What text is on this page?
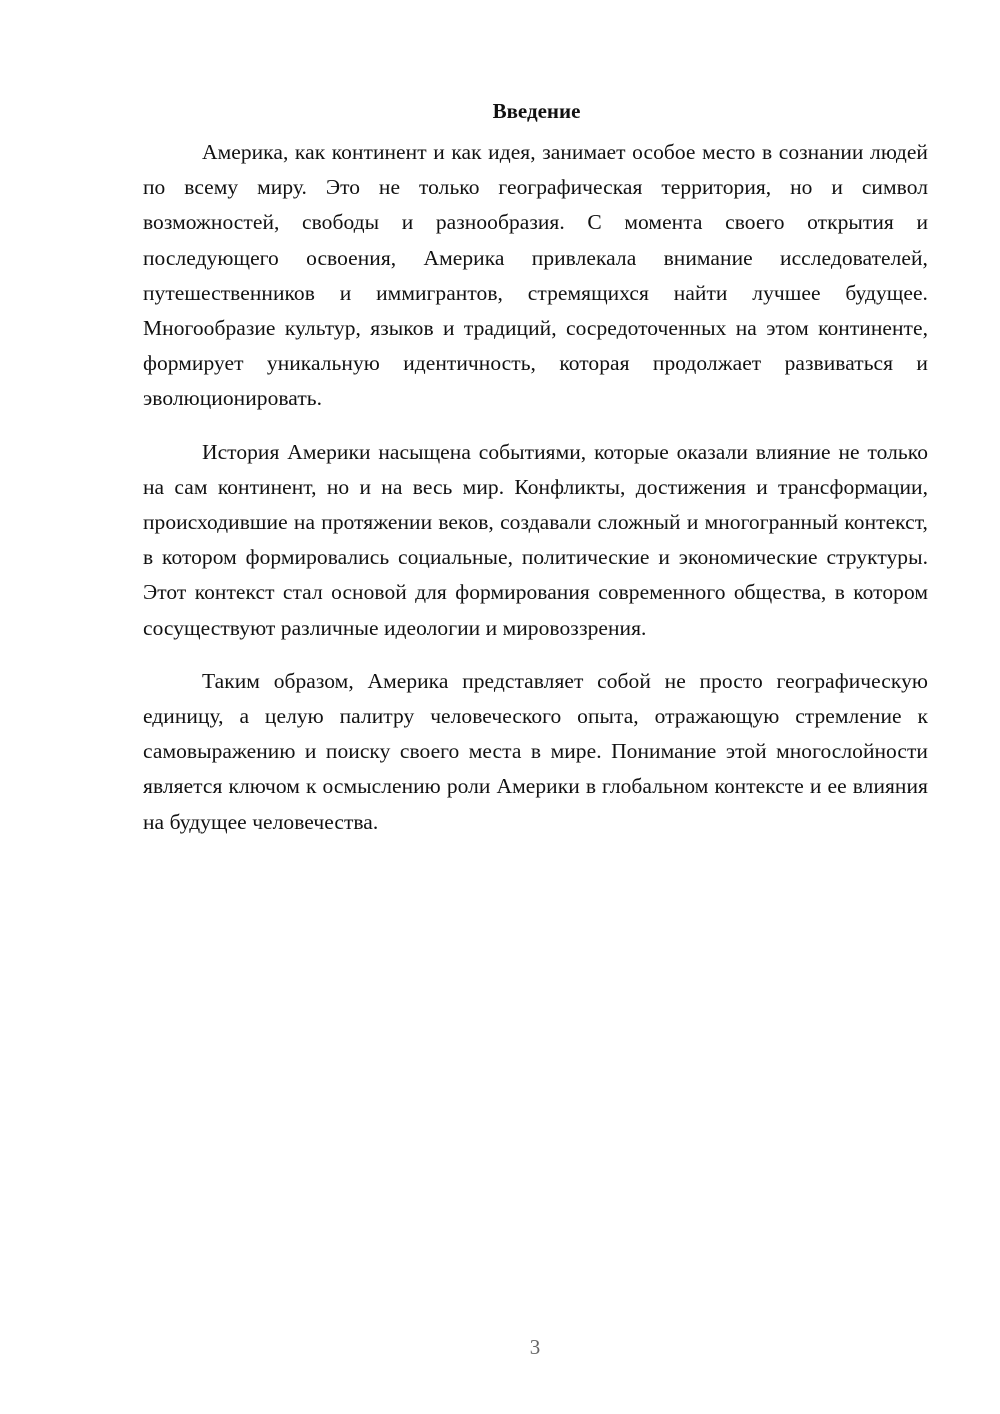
Введение

Америка, как континент и как идея, занимает особое место в сознании людей по всему миру. Это не только географическая территория, но и символ возможностей, свободы и разнообразия. С момента своего открытия и последующего освоения, Америка привлекала внимание исследователей, путешественников и иммигрантов, стремящихся найти лучшее будущее. Многообразие культур, языков и традиций, сосредоточенных на этом континенте, формирует уникальную идентичность, которая продолжает развиваться и эволюционировать.

История Америки насыщена событиями, которые оказали влияние не только на сам континент, но и на весь мир. Конфликты, достижения и трансформации, происходившие на протяжении веков, создавали сложный и многогранный контекст, в котором формировались социальные, политические и экономические структуры. Этот контекст стал основой для формирования современного общества, в котором сосуществуют различные идеологии и мировоззрения.

Таким образом, Америка представляет собой не просто географическую единицу, а целую палитру человеческого опыта, отражающую стремление к самовыражению и поиску своего места в мире. Понимание этой многослойности является ключом к осмыслению роли Америки в глобальном контексте и ее влияния на будущее человечества.

3
